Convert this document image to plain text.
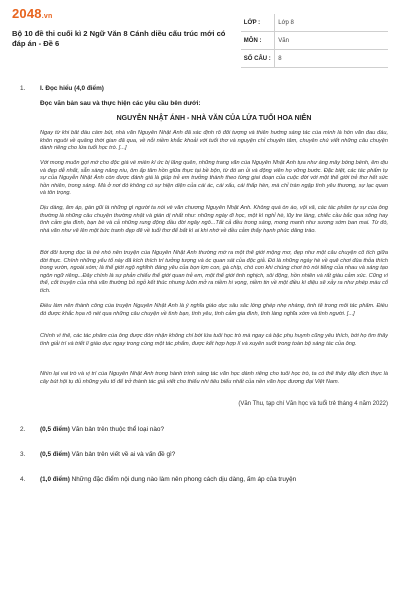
2048.vn
Bộ 10 đề thi cuối kì 2 Ngữ Văn 8 Cánh diều cấu trúc mới có đáp án - Đề 6
LỚP :	Lớp 8
MÔN :	Văn
SỐ CÂU :	8
1.	I. Đọc hiểu (4,0 điểm)
Đọc văn bản sau và thực hiện các yêu cầu bên dưới:
NGUYỄN NHẬT ÁNH - NHÀ VĂN CỦA LỨA TUỔI HOA NIÊN
Ngay từ khi bắt đầu cầm bút, nhà văn Nguyễn Nhật Ánh đã xác định rõ đối tượng và thiên hướng sáng tác của mình là hồn văn đau đáu, khôn nguôi về quãng thời gian đã qua, về nỗi niềm khắc khoải với tuổi thơ và nguyện chỉ chuyên tâm, chuyên chú viết những câu chuyện dành riêng cho lứa tuổi học trò. [...]
Với mong muốn gợi mở cho độc giả về miền kí ức bị lãng quên, những trang văn của Nguyễn Nhật Ánh tựa như áng mây bồng bềnh, êm dịu và đẹp dễ nhất, sẵn sàng nâng niu, ôm ấp tâm hồn giữa thực tại bề bộn, từ đó an ủi và động viên họ vững bước. Đặc biệt, các tác phẩm tự sự của Nguyễn Nhật Ánh còn được đánh giá là giúp trẻ em trưởng thành theo từng giai đoạn của cuộc đời với một thế giới trẻ thơ hết sức hồn nhiên, trong sáng. Mà ở nơi đó không có sự hiện diện của cái ác, cái xấu, cái thấp hèn, mà chỉ tràn ngập tình yêu thương, sự lạc quan và tôn trọng.
Dịu dàng, ấm áp, gần gũi là những gì người ta nói về văn chương Nguyễn Nhật Ánh. Không quá ồn ào, vội vã, các tác phẩm tự sự của ông thường là những câu chuyện thường nhật và gián dị nhất như: những ngày đi học, một kì nghỉ hè, lũy tre làng, chiếc cầu bắc qua sông hay tình cảm gia đình, bạn bè và cả những rung động đầu đời ngây ngô...Tất cả đều trong sáng, mong manh như sương sớm ban mai. Từ đó, nhà văn như vẽ lên một bức tranh đẹp đẽ về tuổi thơ để bất kì ai khi nhớ về đều cảm thấy hạnh phúc dâng trào.
Bởi đối tượng đọc là trẻ nhỏ nên truyện của Nguyễn Nhật Ánh thường mở ra một thế giới mộng mơ, đẹp như một câu chuyện cổ tích giữa đời thực. Chính những yếu tố này đã kích thích trí tưởng tượng và óc quan sát của độc giả. Đó là những ngày hè về quê chơi đùa thỏa thích trong vườn, ngoài xóm; là thế giới ngộ nghĩnh đáng yêu của bọn lợn con, gà chíp, chó con khi chúng chơi trò nói tiếng của nhau và sáng tạo ngôn ngữ riêng...Đây chính là sự phản chiếu thế giới quan trẻ em, một thế giới tinh nghịch, sôi động, hồn nhiên và rất giàu cảm xúc. Cũng vì thế, cốt truyện của nhà văn thường bỏ ngỏ kết thúc nhưng luôn mở ra niềm hi vọng, niềm tin về một điều kì diệu sẽ xảy ra như phép màu cổ tích.
Điều làm nên thành công của truyện Nguyễn Nhật Ánh là ý nghĩa giáo dục sâu sắc lồng ghép nhẹ nhàng, tinh tế trong mỗi tác phẩm. Điều đó được khắc họa rõ nét qua những câu chuyện về tình bạn, tình yêu, tình cảm gia đình, tình làng nghĩa xóm và tình người. [...]
Chính vì thế, các tác phẩm của ông được đón nhận không chỉ bởi lứa tuổi học trò mà ngay cả bậc phụ huynh cũng yêu thích, bởi họ tìm thấy tính giải trí và triết lí giáo dục ngay trong cùng một tác phẩm, được kết hợp hợp lí và xuyên suốt trong toàn bộ sáng tác của ông.
Nhìn lại vai trò và vị trí của Nguyễn Nhật Ánh trong hành trình sáng tác văn học dành riêng cho tuổi học trò, ta có thể thấy đây đích thực là cây bút hội tụ đủ những yếu tố để trở thành tác giả viết cho thiếu nhi tiêu biểu nhất của nền văn học đương đại Việt Nam.
(Văn Thu, tạp chí Văn học và tuổi trẻ tháng 4 năm 2022)
2.	(0,5 điểm) Văn bản trên thuộc thể loại nào?
3.	(0,5 điểm) Văn bản trên viết về ai và vấn đề gì?
4.	(1,0 điểm) Những đặc điểm nội dung nào làm nên phong cách dịu dàng, ấm áp của truyện
